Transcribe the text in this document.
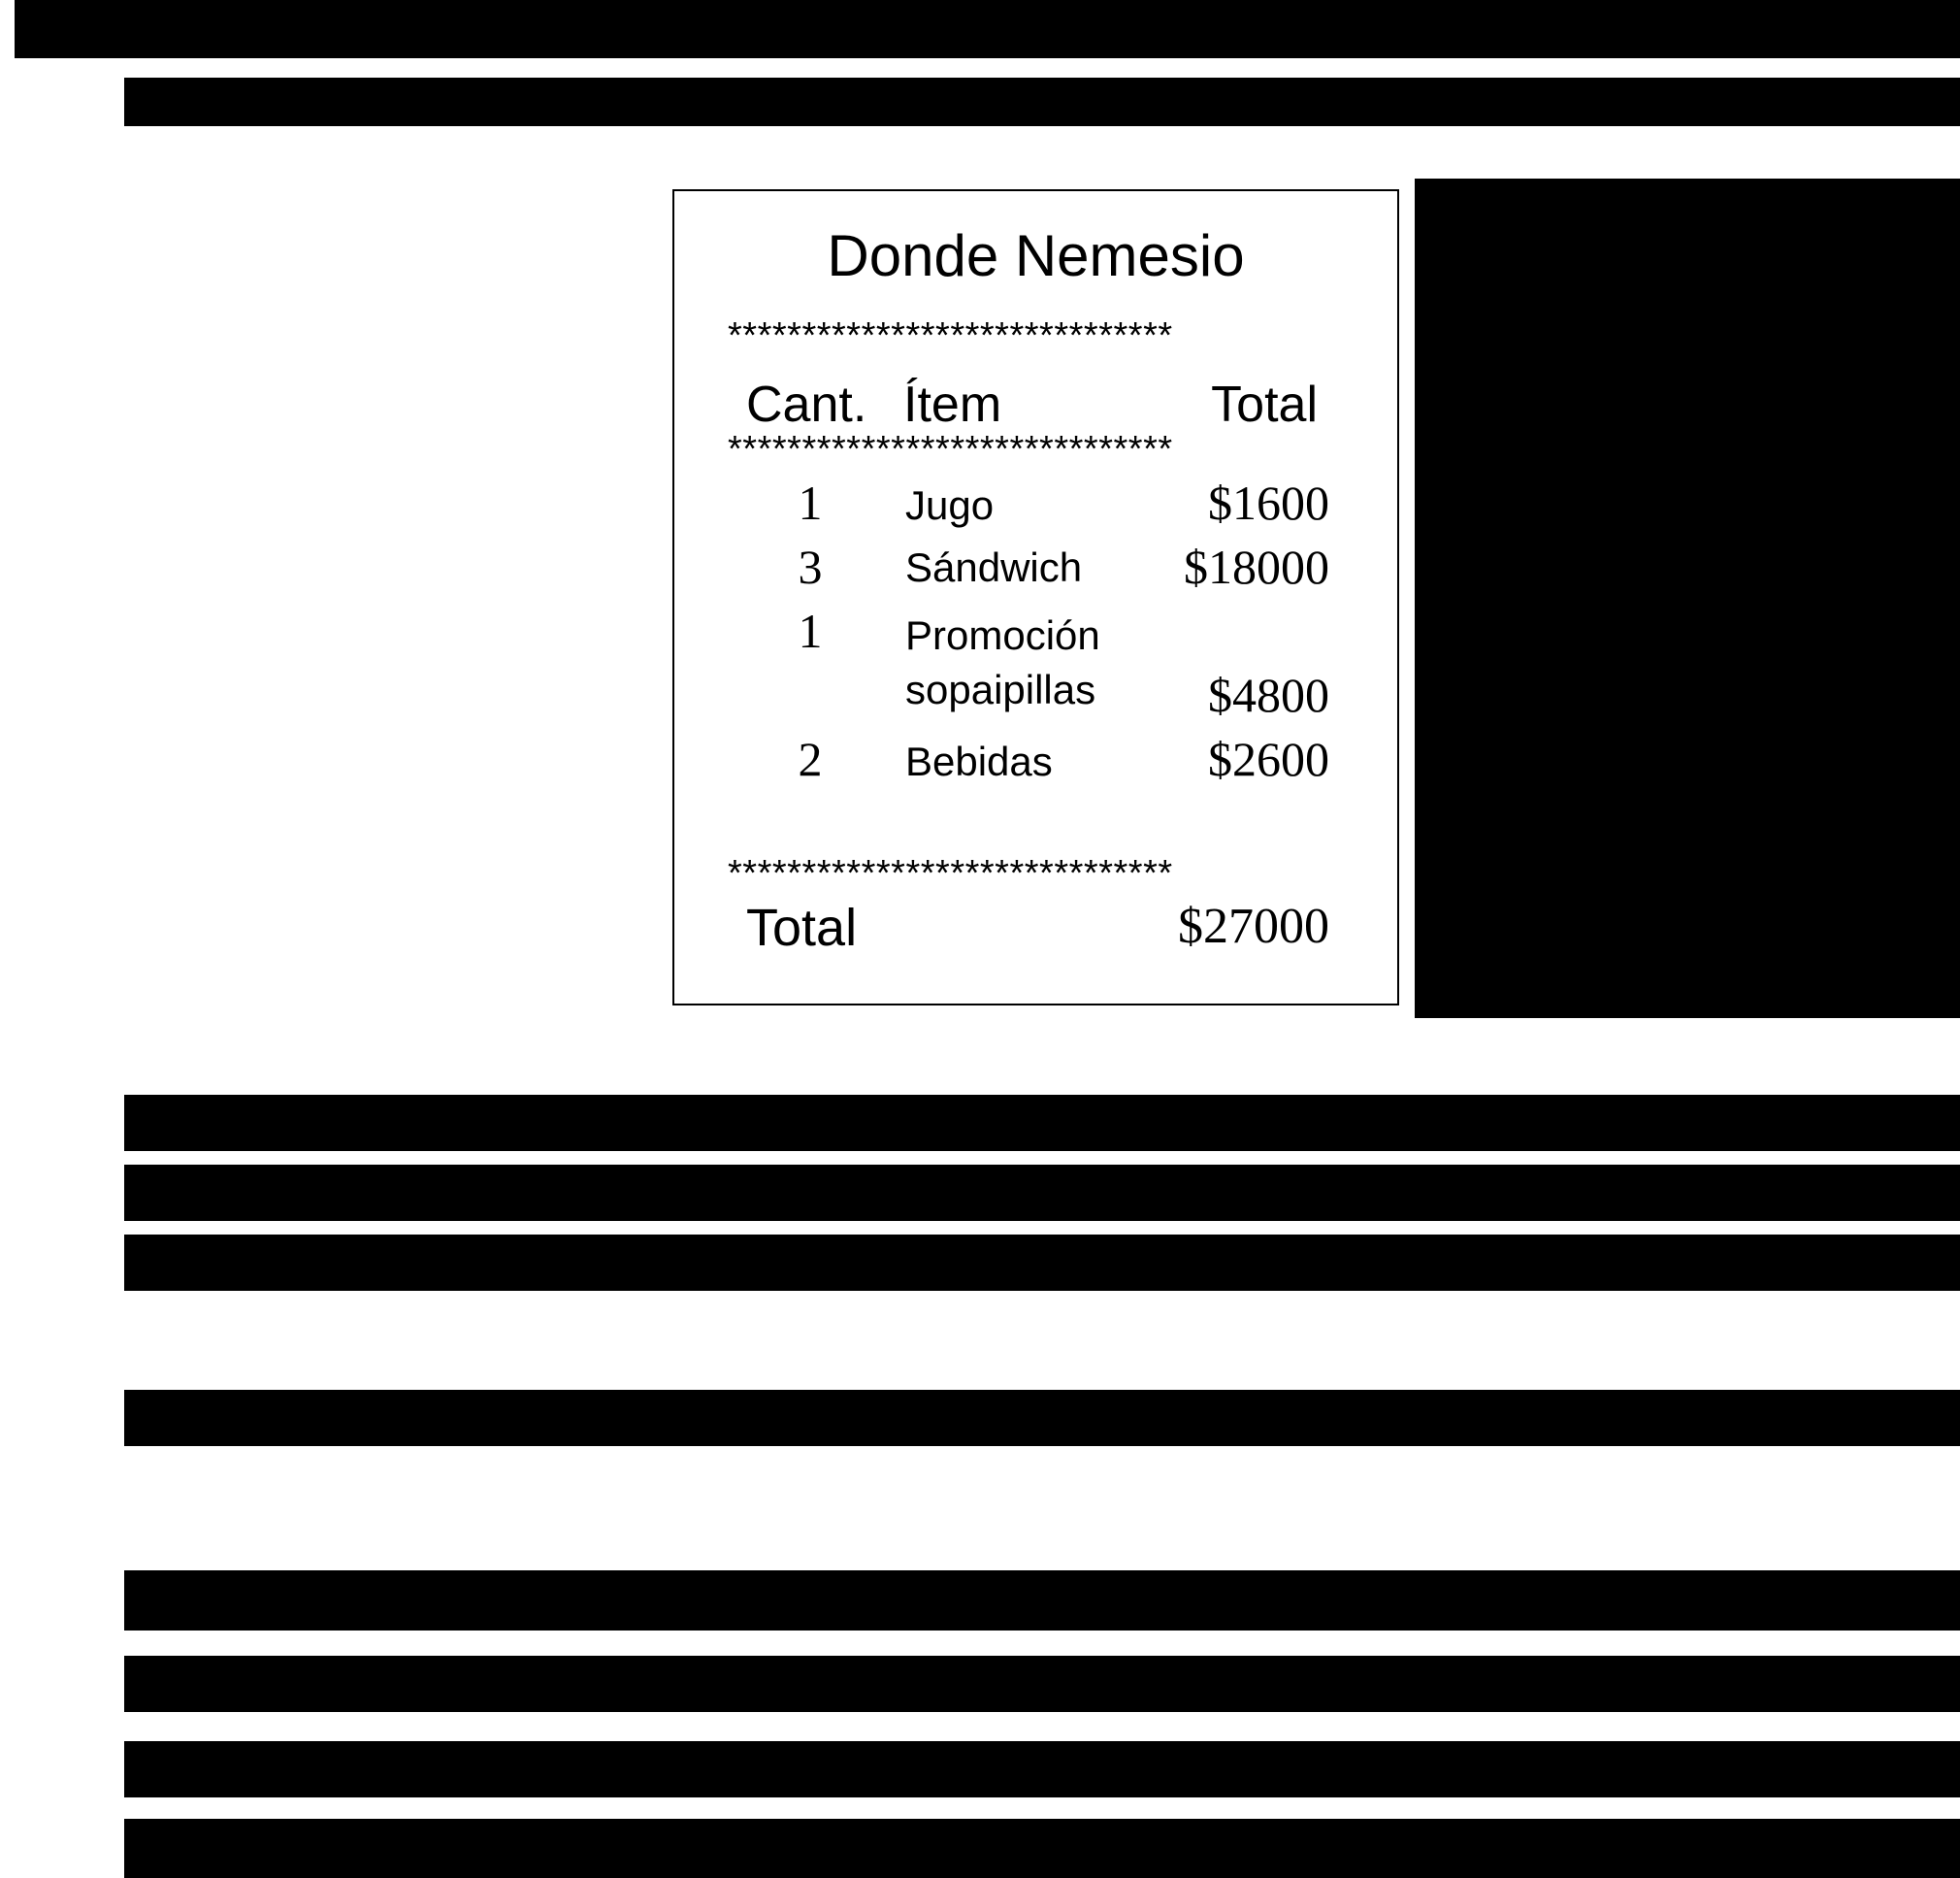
Donde Nemesio
******************************
Cant. Ítem	Total
******************************
1	Jugo	$1600
3	Sándwich $18000
1	Promoción
sopaipillas $4800
2	Bebidas	$2600
******************************
Total	$27000
